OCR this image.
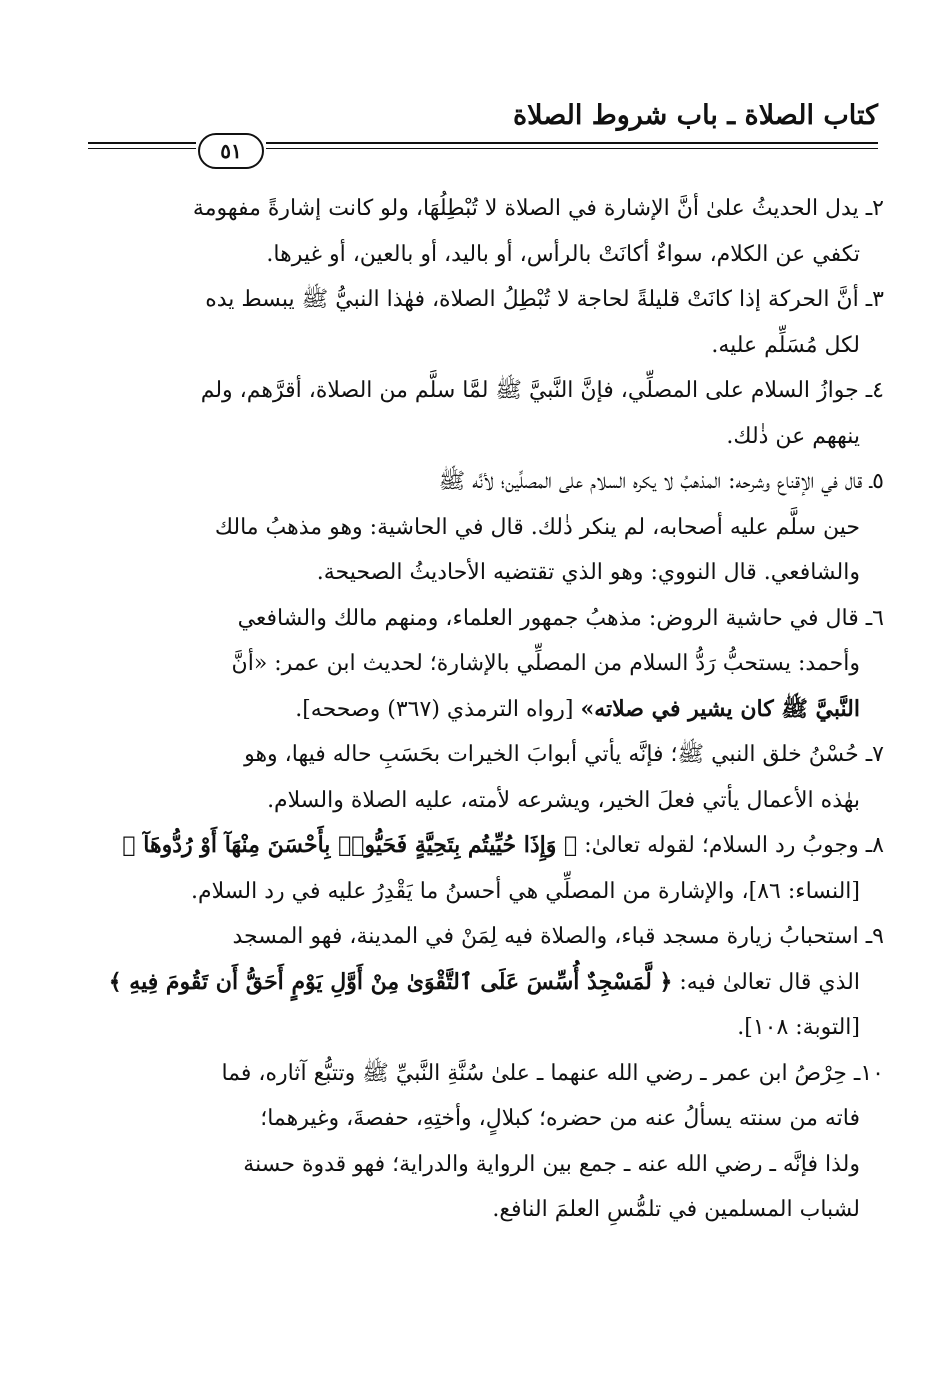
كتاب الصلاة ـ باب شروط الصلاة
٥١
٢ـ يدل الحديثُ علىٰ أنَّ الإشارة في الصلاة لا تُبْطِلُهَا، ولو كانت إشارةً مفهومة
تكفي عن الكلام، سواءٌ أكانَتْ بالرأس، أو باليد، أو بالعين، أو غيرها.
٣ـ أنَّ الحركة إذا كانَتْ قليلةً لحاجة لا تُبْطِلُ الصلاة، فهٰذا النبيُّ ﷺ يبسط يده
لكل مُسَلِّم عليه.
٤ـ جوازُ السلام على المصلِّي، فإنَّ النَّبيَّ ﷺ لمَّا سلَّم من الصلاة، أقرَّهم، ولم
ينههم عن ذٰلك.
٥ـ قال في الإقناع وشرحه: المذهبُ لا يكره السلام على المصلِّين؛ لأنَّه ﷺ
حين سلَّم عليه أصحابه، لم ينكر ذٰلك. قال في الحاشية: وهو مذهبُ مالك
والشافعي. قال النووي: وهو الذي تقتضيه الأحاديثُ الصحيحة.
٦ـ قال في حاشية الروض: مذهبُ جمهور العلماء، ومنهم مالك والشافعي
وأحمد: يستحبُّ رَدُّ السلام من المصلِّي بالإشارة؛ لحديث ابن عمر: «أنَّ
النَّبيَّ ﷺ كان يشير في صلاته» [رواه الترمذي (٣٦٧) وصححه].
٧ـ حُسْنُ خلق النبي ﷺ؛ فإنَّه يأتي أبوابَ الخيرات بحَسَبِ حاله فيها، وهو
بهٰذه الأعمال يأتي فعلَ الخير، ويشرعه لأمته، عليه الصلاة والسلام.
٨ـ وجوبُ رد السلام؛ لقوله تعالىٰ: ﴿ وَإِذَا حُيِّيتُم بِتَحِيَّةٍ فَحَيُّوا۟ بِأَحْسَنَ مِنْهَآ أَوْ رُدُّوهَآ ﴾
[النساء: ٨٦]، والإشارة من المصلِّي هي أحسنُ ما يَقْدِرُ عليه في رد السلام.
٩ـ استحبابُ زيارة مسجد قباء، والصلاة فيه لِمَنْ في المدينة، فهو المسجد
الذي قال تعالىٰ فيه: ﴿ لَّمَسْجِدٌ أُسِّسَ عَلَى ٱلتَّقْوَىٰ مِنْ أَوَّلِ يَوْمٍ أَحَقُّ أَن تَقُومَ فِيهِ ﴾
[التوبة: ١٠٨].
١٠ـ حِرْصُ ابن عمر ـ رضي الله عنهما ـ علىٰ سُنَّةِ النَّبيِّ ﷺ وتتبُّع آثاره، فما
فاته من سنته يسألُ عنه من حضره؛ كبلالٍ، وأختِهِ، حفصةَ، وغيرهما؛
ولذا فإنَّه ـ رضي الله عنه ـ جمع بين الرواية والدراية؛ فهو قدوة حسنة
لشباب المسلمين في تلمُّسِ العلمَ النافع.
